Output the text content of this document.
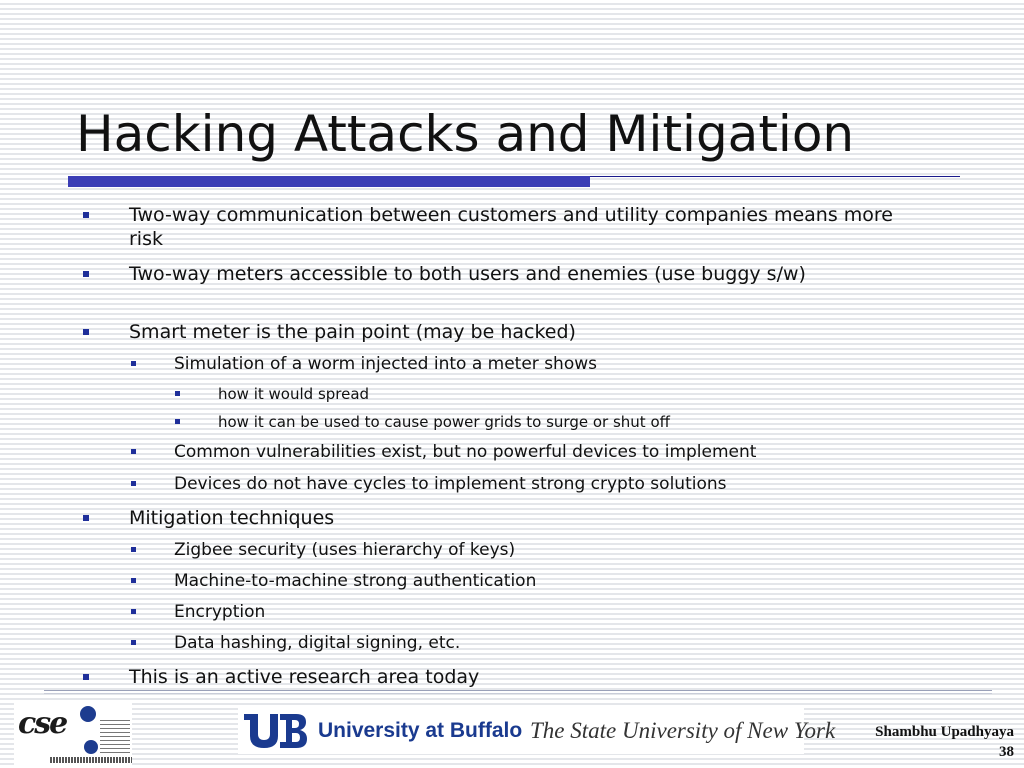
Hacking Attacks and Mitigation

Two-way communication between customers and utility companies means more risk

Two-way meters accessible to both users and enemies (use buggy s/w)

Smart meter is the pain point (may be hacked)

Simulation of a worm injected into a meter shows

how it would spread

how it can be used to cause power grids to surge or shut off

Common vulnerabilities exist, but no powerful devices to implement

Devices do not have cycles to implement strong crypto solutions

Mitigation techniques

Zigbee security (uses hierarchy of keys)

Machine-to-machine strong authentication

Encryption

Data hashing, digital signing, etc.

This is an active research area today

cse	University at Buffalo The State University of New York	Shambhu Upadhyaya
38
